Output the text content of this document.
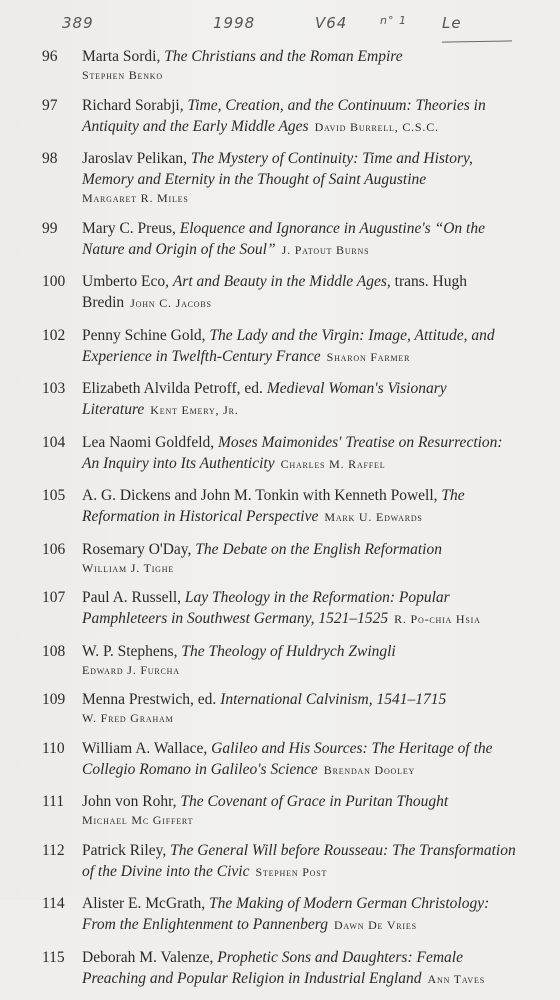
389	1998	V64	n° 1 Le
96	Marta Sordi, The Christians and the Roman Empire
Stephen Benko
97	Richard Sorabji, Time, Creation, and the Continuum: Theories in Antiquity and the Early Middle Ages David Burrell, C.S.C.
98	Jaroslav Pelikan, The Mystery of Continuity: Time and History, Memory and Eternity in the Thought of Saint Augustine
Margaret R. Miles
99	Mary C. Preus, Eloquence and Ignorance in Augustine's “On the Nature and Origin of the Soul” J. Patout Burns
100	Umberto Eco, Art and Beauty in the Middle Ages, trans. Hugh Bredin John C. Jacobs
102	Penny Schine Gold, The Lady and the Virgin: Image, Attitude, and Experience in Twelfth-Century France Sharon Farmer
103	Elizabeth Alvilda Petroff, ed. Medieval Woman's Visionary Literature Kent Emery, Jr.
104	Lea Naomi Goldfeld, Moses Maimonides' Treatise on Resurrection: An Inquiry into Its Authenticity Charles M. Raffel
105	A. G. Dickens and John M. Tonkin with Kenneth Powell, The Reformation in Historical Perspective Mark U. Edwards
106	Rosemary O'Day, The Debate on the English Reformation
William J. Tighe
107	Paul A. Russell, Lay Theology in the Reformation: Popular Pamphleteers in Southwest Germany, 1521–1525 R. Po-chia Hsia
108	W. P. Stephens, The Theology of Huldrych Zwingli
Edward J. Furcha
109	Menna Prestwich, ed. International Calvinism, 1541–1715
W. Fred Graham
110	William A. Wallace, Galileo and His Sources: The Heritage of the Collegio Romano in Galileo's Science Brendan Dooley
111	John von Rohr, The Covenant of Grace in Puritan Thought
Michael Mc Giffert
112	Patrick Riley, The General Will before Rousseau: The Transformation of the Divine into the Civic Stephen Post
114	Alister E. McGrath, The Making of Modern German Christology: From the Enlightenment to Pannenberg Dawn De Vries
115	Deborah M. Valenze, Prophetic Sons and Daughters: Female Preaching and Popular Religion in Industrial England Ann Taves
